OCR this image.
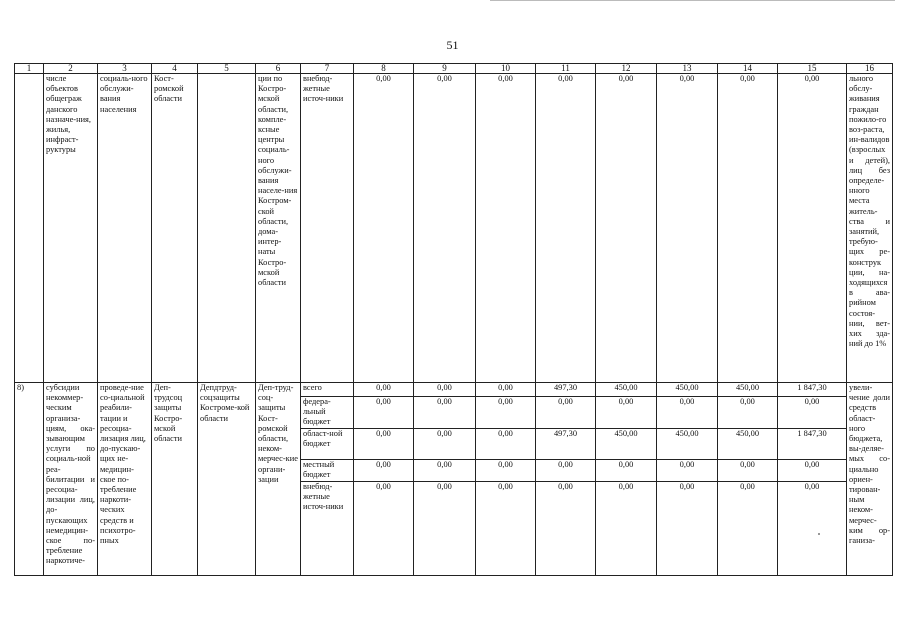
51
1	2	3	4	5	6	7	8	9	10	11	12	13	14	15	16
	числе объектов общеграж данского назначе-ния, жилья, инфраст-руктуры	социаль-ного обслужи-вания населения	Кост-ромской области		ции по Костро-мской области, компле-ксные центры социаль-ного обслужи-вания населе-ния Костром-ской области, дома-интер-наты Костро-мской области	внебюд-жетные источ-ники	0,00	0,00	0,00	0,00	0,00	0,00	0,00	0,00	льного обслу-живания граждан пожило-го воз-раста, ин-валидов (взрослых и детей), лиц без определе-нного места житель-ства и занятий, требую-щих ре-конструк ции, на-ходящихся в ава-рийном состоя-нии, вет-хих зда-ний до 1%
8)	субсидии некоммер-ческим организа-циям, ока-зывающим услуги по социаль-ной реа-билитации и ресоциа-лизации лиц, до-пускающих немедицин-ское по-требление наркотиче-	проведе-ние со-циальной реабили-тации и ресоциа-лизация лиц, до-пускаю-щих не-медицин-ское по-требление наркоти-ческих средств и психотро-пных	Деп-трудсоц защиты Костро-мской области	Депдтруд-соцзащиты Костроме-кой области	Деп-труд-соц-защиты Кост-ромской области, неком-мерчес-кие органи-зации	всего	0,00	0,00	0,00	497,30	450,00	450,00	450,00	1 847,30	увели-чение доли средств област-ного бюджета, вы-деляе-мых со-циально ориен-тирован-ным неком-мерчес-ким ор-ганиза-
						федера-льный бюджет	0,00	0,00	0,00	0,00	0,00	0,00	0,00	0,00	
						област-ной бюджет	0,00	0,00	0,00	497,30	450,00	450,00	450,00	1 847,30	
						местный бюджет	0,00	0,00	0,00	0,00	0,00	0,00	0,00	0,00	
						внебюд-жетные источ-ники	0,00	0,00	0,00	0,00	0,00	0,00	0,00	0,00	
